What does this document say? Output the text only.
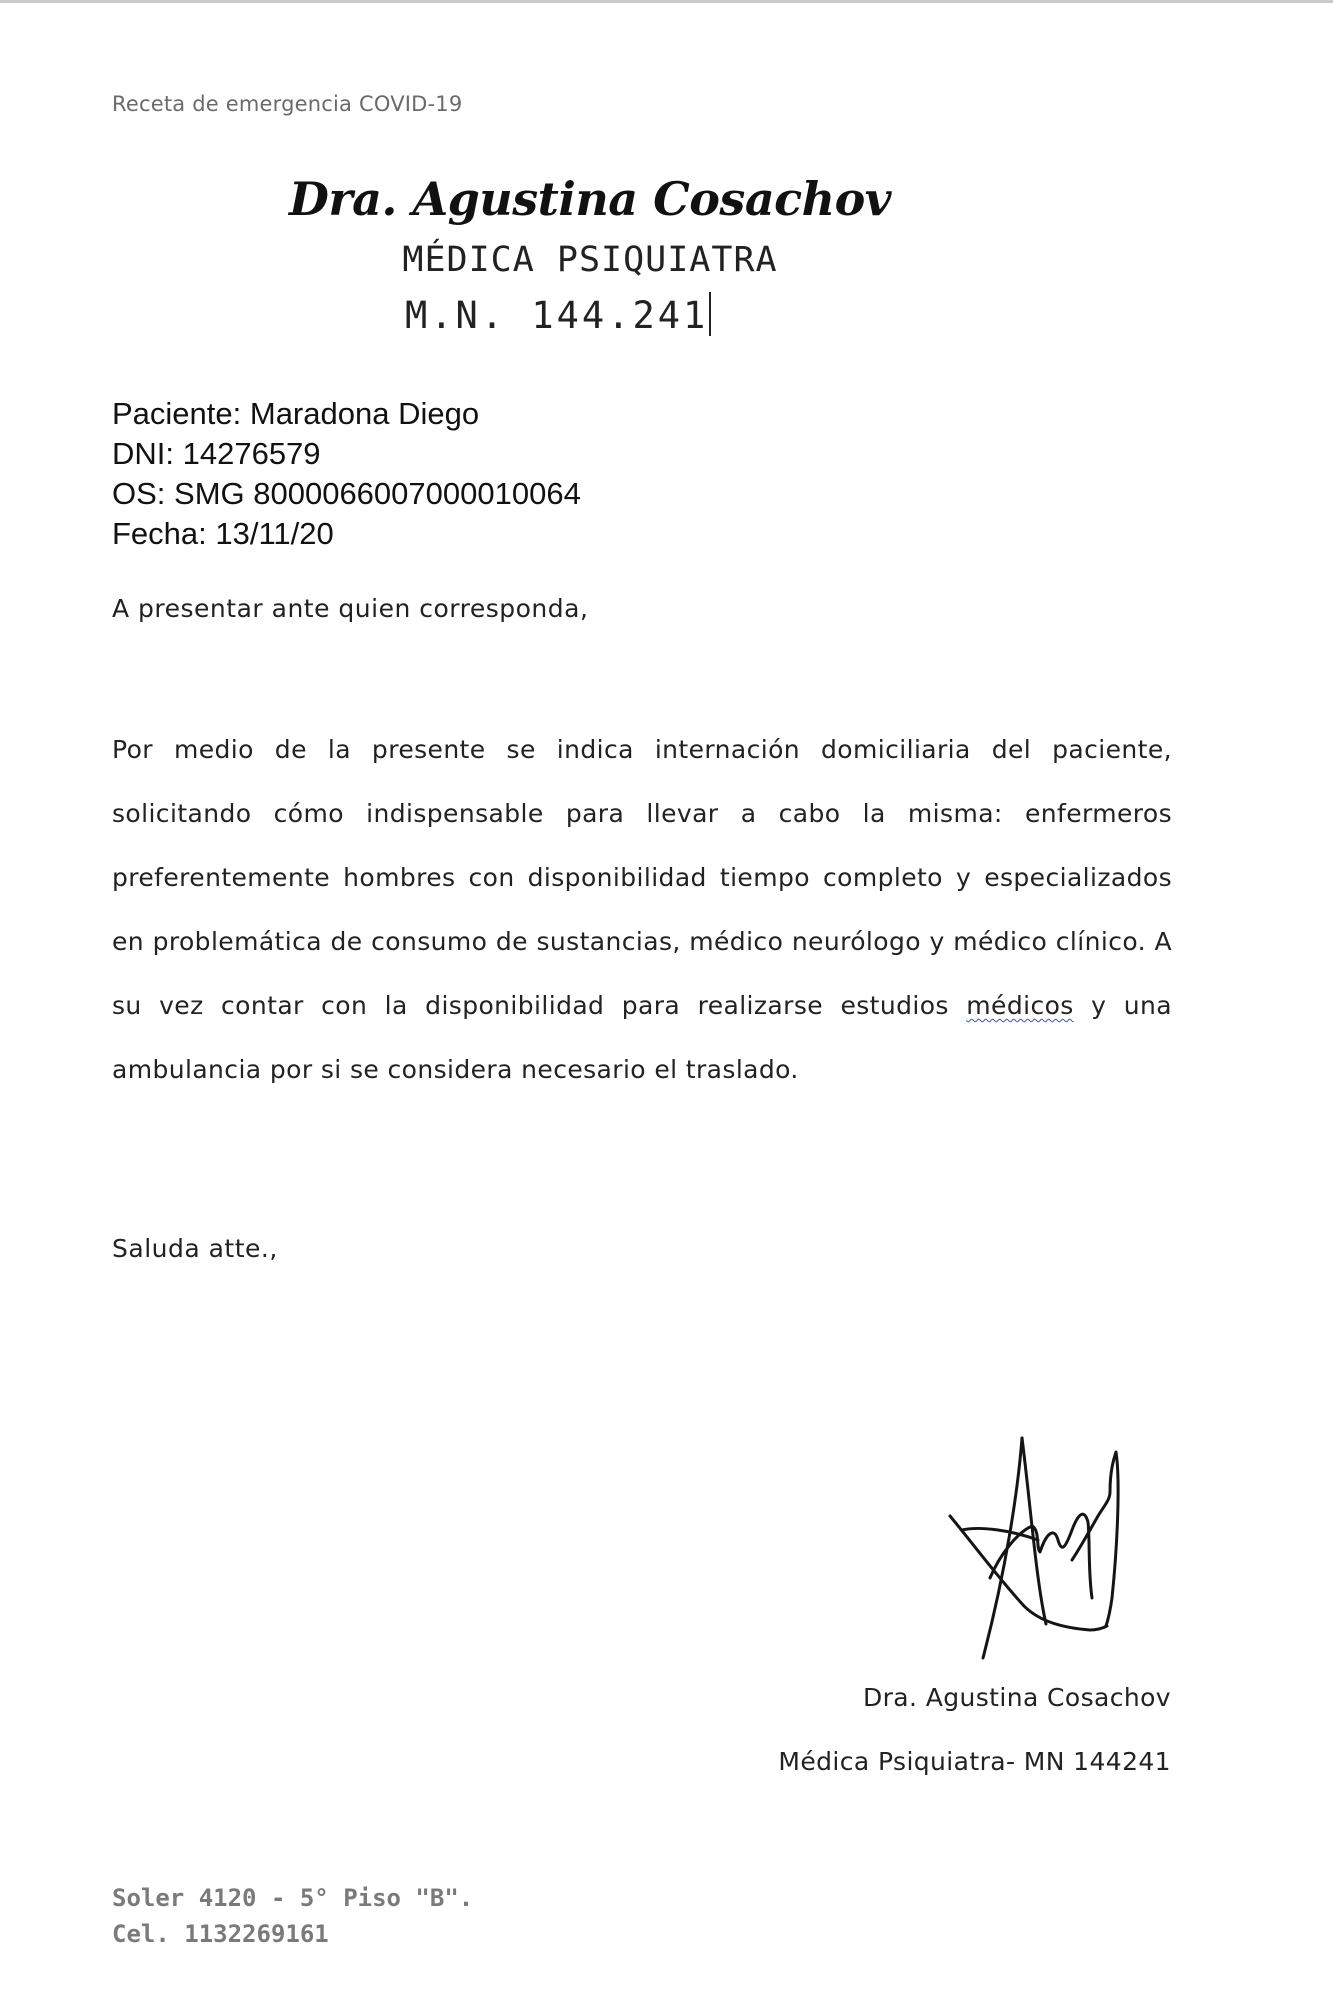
Receta de emergencia COVID-19
Dra. Agustina Cosachov
MÉDICA PSIQUIATRA
M.N. 144.241
Paciente: Maradona Diego
DNI: 14276579
OS: SMG 8000066007000010064
Fecha: 13/11/20
A presentar ante quien corresponda,
Por medio de la presente se indica internación domiciliaria del paciente, solicitando cómo indispensable para llevar a cabo la misma: enfermeros preferentemente hombres con disponibilidad tiempo completo y especializados en problemática de consumo de sustancias, médico neurólogo y médico clínico. A su vez contar con la disponibilidad para realizarse estudios médicos y una ambulancia por si se considera necesario el traslado.
Saluda atte.,
Dra. Agustina Cosachov
Médica Psiquiatra- MN 144241
Soler 4120 - 5° Piso "B".
Cel. 1132269161
